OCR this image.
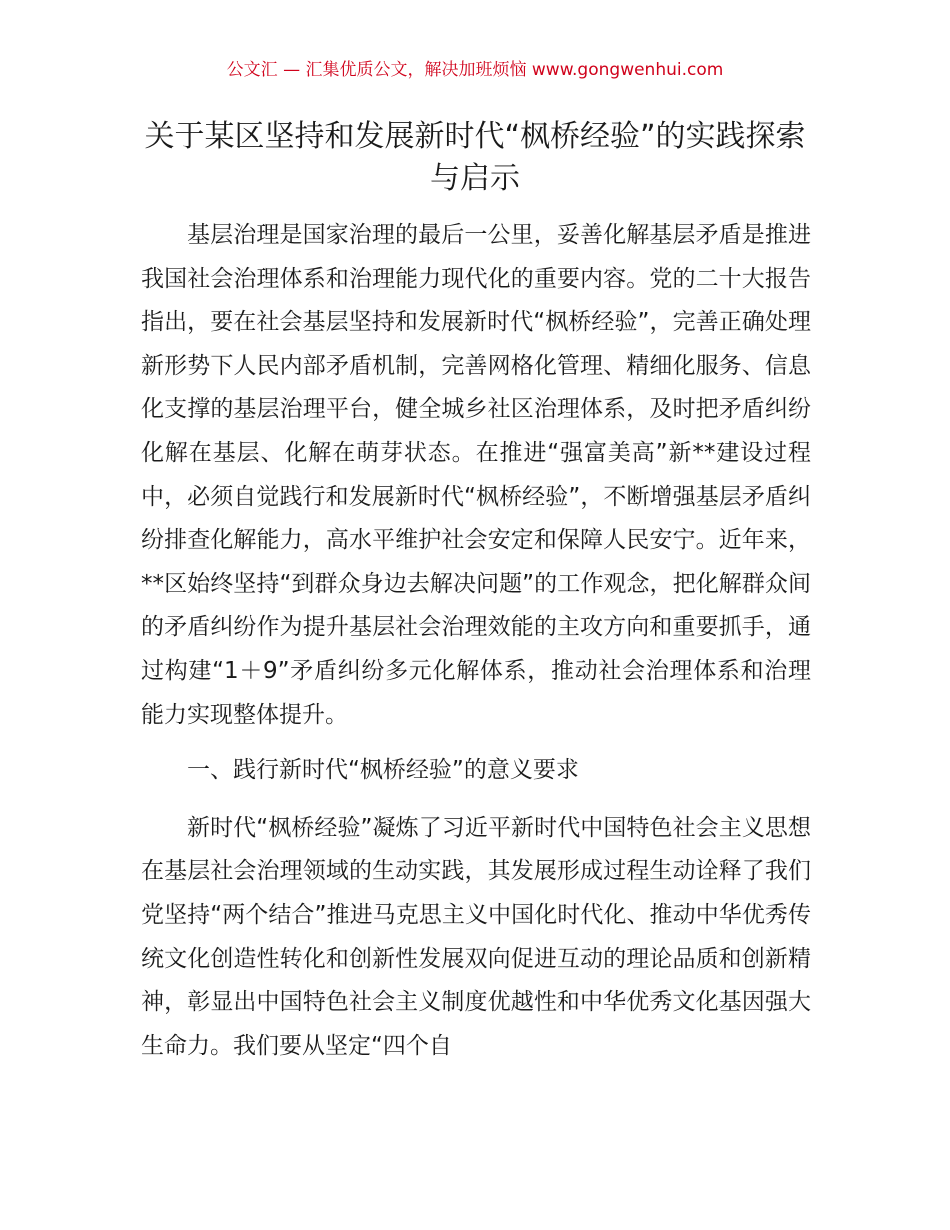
公文汇 — 汇集优质公文，解决加班烦恼 www.gongwenhui.com
关于某区坚持和发展新时代“枫桥经验”的实践探索与启示

基层治理是国家治理的最后一公里，妥善化解基层矛盾是推进我国社会治理体系和治理能力现代化的重要内容。党的二十大报告指出，要在社会基层坚持和发展新时代“枫桥经验”，完善正确处理新形势下人民内部矛盾机制，完善网格化管理、精细化服务、信息化支撑的基层治理平台，健全城乡社区治理体系，及时把矛盾纠纷化解在基层、化解在萌芽状态。在推进“强富美高”新**建设过程中，必须自觉践行和发展新时代“枫桥经验”，不断增强基层矛盾纠纷排查化解能力，高水平维护社会安定和保障人民安宁。近年来，**区始终坚持“到群众身边去解决问题”的工作观念，把化解群众间的矛盾纠纷作为提升基层社会治理效能的主攻方向和重要抓手，通过构建“1＋9”矛盾纠纷多元化解体系，推动社会治理体系和治理能力实现整体提升。

一、践行新时代“枫桥经验”的意义要求

新时代“枫桥经验”凝炼了习近平新时代中国特色社会主义思想在基层社会治理领域的生动实践，其发展形成过程生动诠释了我们党坚持“两个结合”推进马克思主义中国化时代化、推动中华优秀传统文化创造性转化和创新性发展双向促进互动的理论品质和创新精神，彰显出中国特色社会主义制度优越性和中华优秀文化基因强大生命力。我们要从坚定“四个自
